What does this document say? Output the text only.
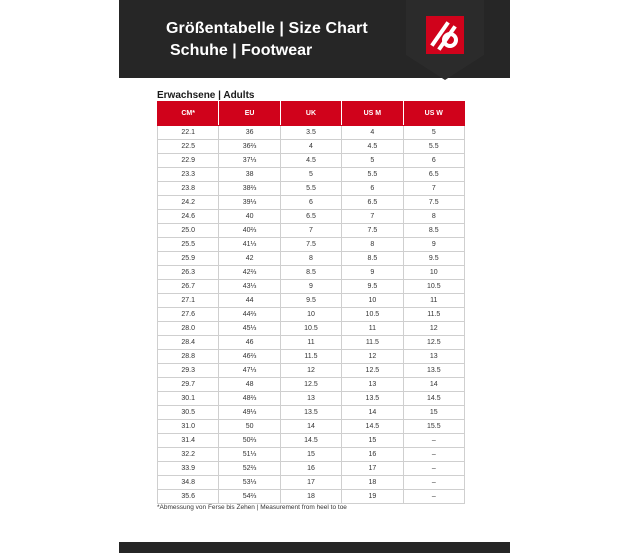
Größentabelle | Size Chart
Schuhe | Footwear
Erwachsene | Adults
CM*	EU	UK	US M	US W
22.1	36	3.5	4	5
22.5	36⅔	4	4.5	5.5
22.9	37⅓	4.5	5	6
23.3	38	5	5.5	6.5
23.8	38⅔	5.5	6	7
24.2	39⅓	6	6.5	7.5
24.6	40	6.5	7	8
25.0	40⅔	7	7.5	8.5
25.5	41⅓	7.5	8	9
25.9	42	8	8.5	9.5
26.3	42⅔	8.5	9	10
26.7	43⅓	9	9.5	10.5
27.1	44	9.5	10	11
27.6	44⅔	10	10.5	11.5
28.0	45⅓	10.5	11	12
28.4	46	11	11.5	12.5
28.8	46⅔	11.5	12	13
29.3	47⅓	12	12.5	13.5
29.7	48	12.5	13	14
30.1	48⅔	13	13.5	14.5
30.5	49⅓	13.5	14	15
31.0	50	14	14.5	15.5
31.4	50⅔	14.5	15	–
32.2	51⅓	15	16	–
33.9	52⅔	16	17	–
34.8	53⅓	17	18	–
35.6	54⅔	18	19	–
*Abmessung von Ferse bis Zehen | Measurement from heel to toe
